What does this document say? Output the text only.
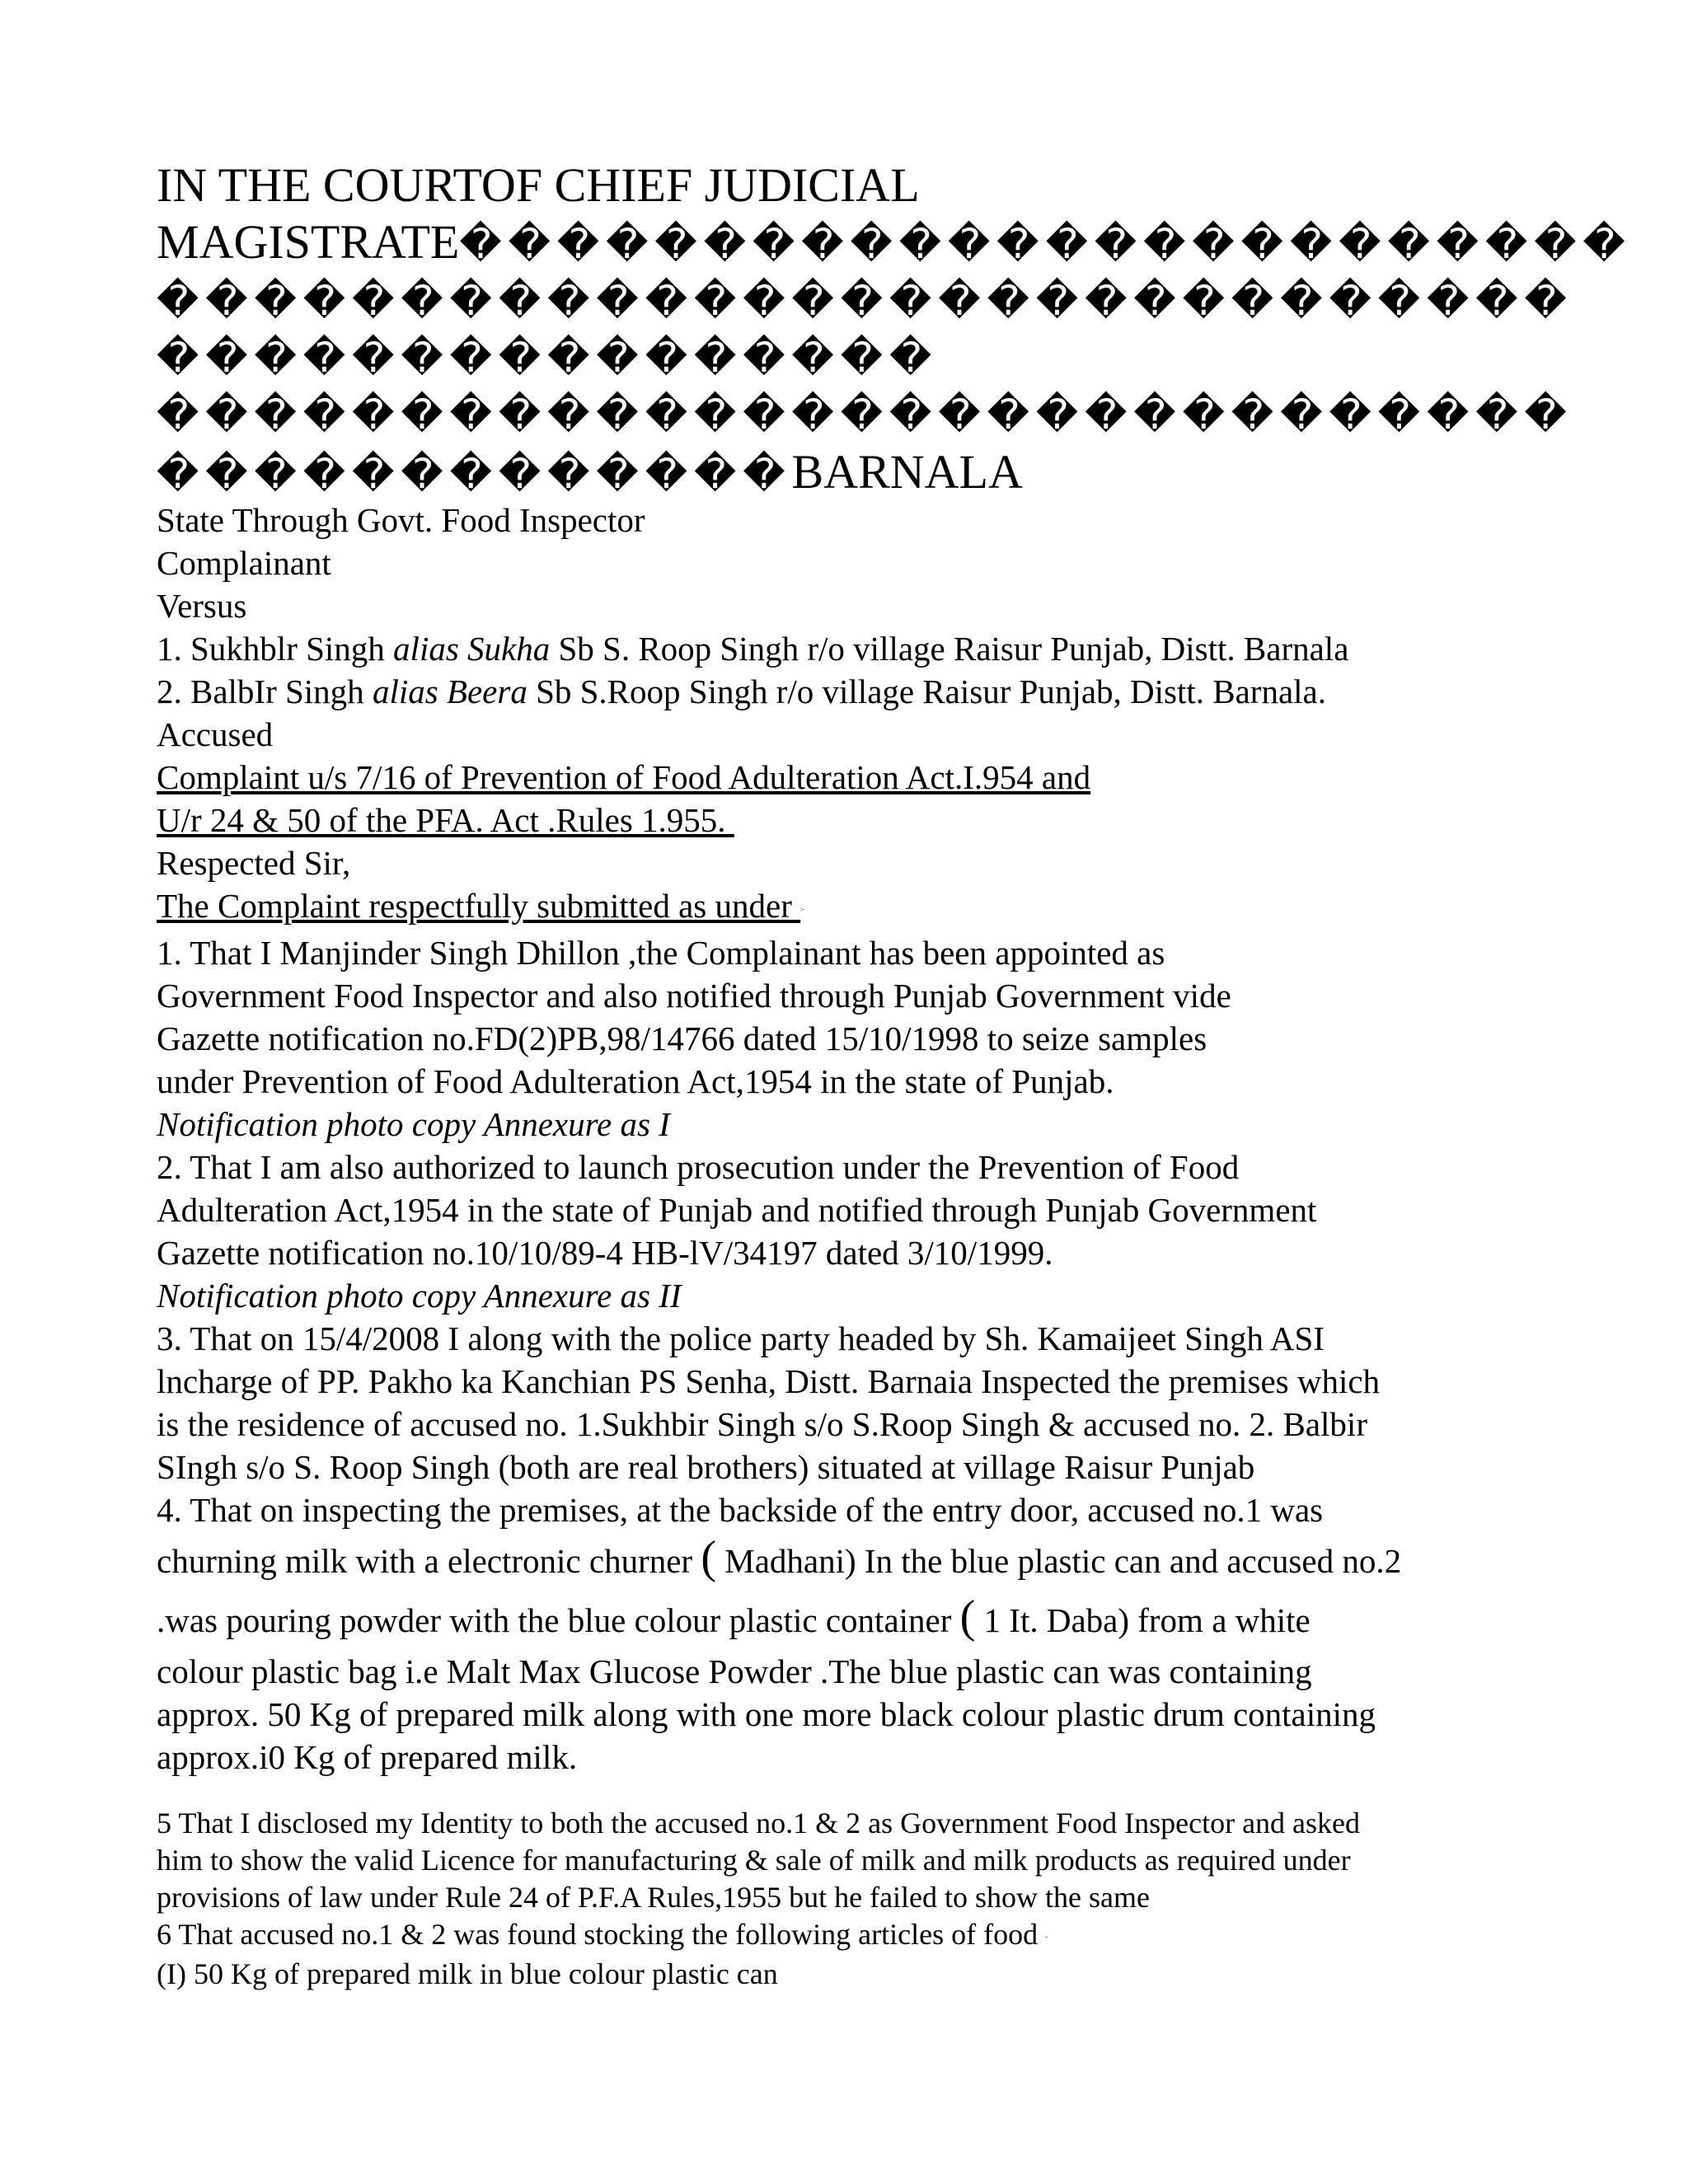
IN THE COURTOF CHIEF JUDICIAL
MAGISTRATE������������������������
�����������������������������
����������������
�����������������������������
�������������BARNALA
State Through Govt. Food Inspector
Complainant
Versus
1. Sukhblr Singh alias Sukha Sb S. Roop Singh r/o village Raisur Punjab, Distt. Barnala
2. BalbIr Singh alias Beera Sb S.Roop Singh r/o village Raisur Punjab, Distt. Barnala.
Accused
Complaint u/s 7/16 of Prevention of Food Adulteration Act.I.954 and
U/r 24 & 50 of the PFA. Act .Rules 1.955.
Respected Sir,
The Complaint respectfully submitted as under :-
1. That I Manjinder Singh Dhillon ,the Complainant has been appointed as
Government Food Inspector and also notified through Punjab Government vide
Gazette notification no.FD(2)PB,98/14766 dated 15/10/1998 to seize samples
under Prevention of Food Adulteration Act,1954 in the state of Punjab.
Notification photo copy Annexure as I
2. That I am also authorized to launch prosecution under the Prevention of Food
Adulteration Act,1954 in the state of Punjab and notified through Punjab Government
Gazette notification no.10/10/89-4 HB-lV/34197 dated 3/10/1999.
Notification photo copy Annexure as II
3. That on 15/4/2008 I along with the police party headed by Sh. Kamaijeet Singh ASI
lncharge of PP. Pakho ka Kanchian PS Senha, Distt. Barnaia Inspected the premises which
is the residence of accused no. 1.Sukhbir Singh s/o S.Roop Singh & accused no. 2. Balbir
SIngh s/o S. Roop Singh (both are real brothers) situated at village Raisur Punjab
4. That on inspecting the premises, at the backside of the entry door, accused no.1 was
churning milk with a electronic churner ( Madhani) In the blue plastic can and accused no.2
.was pouring powder with the blue colour plastic container ( 1 It. Daba) from a white
colour plastic bag i.e Malt Max Glucose Powder .The blue plastic can was containing
approx. 50 Kg of prepared milk along with one more black colour plastic drum containing
approx.i0 Kg of prepared milk.
5 That I disclosed my Identity to both the accused no.1 & 2 as Government Food Inspector and asked
him to show the valid Licence for manufacturing & sale of milk and milk products as required under
provisions of law under Rule 24 of P.F.A Rules,1955 but he failed to show the same
6 That accused no.1 & 2 was found stocking the following articles of food -
(I) 50 Kg of prepared milk in blue colour plastic can
